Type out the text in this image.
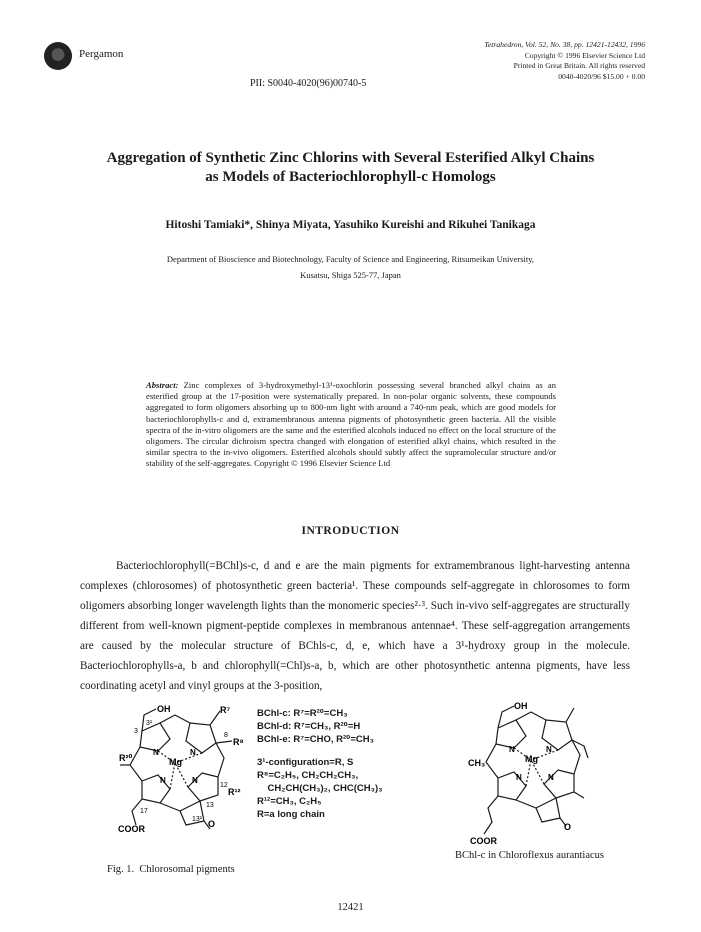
Pergamon
Tetrahedron, Vol. 52, No. 38, pp. 12421-12432, 1996
Copyright © 1996 Elsevier Science Ltd
Printed in Great Britain. All rights reserved
0040-4020/96 $15.00 + 0.00
PII: S0040-4020(96)00740-5
Aggregation of Synthetic Zinc Chlorins with Several Esterified Alkyl Chains
as Models of Bacteriochlorophyll-c Homologs
Hitoshi Tamiaki*, Shinya Miyata, Yasuhiko Kureishi and Rikuhei Tanikaga
Department of Bioscience and Biotechnology, Faculty of Science and Engineering, Ritsumeikan University,
Kusatsu, Shiga 525-77, Japan
Abstract: Zinc complexes of 3-hydroxymethyl-13¹-oxochlorin possessing several branched alkyl chains as an esterified group at the 17-position were systematically prepared. In non-polar organic solvents, these compounds aggregated to form oligomers absorbing up to 800-nm light with around a 740-nm peak, which are good models for bacteriochlorophylls-c and d, extramembranous antenna pigments of photosynthetic green bacteria. All the visible spectra of the in-vitro oligomers are the same and the esterified alcohols induced no effect on the local structure of the oligomers. The circular dichroism spectra changed with elongation of esterified alkyl chains, which resulted in the similar spectra to the in-vivo oligomers. Esterified alcohols should subtly affect the supramolecular structure and/or stability of the self-aggregates. Copyright © 1996 Elsevier Science Ltd
INTRODUCTION
Bacteriochlorophyll(=BChl)s-c, d and e are the main pigments for extramembranous light-harvesting antenna complexes (chlorosomes) of photosynthetic green bacteria¹. These compounds self-aggregate in chlorosomes to form oligomers absorbing longer wavelength lights than the monomeric species²·³. Such in-vivo self-aggregates are structurally different from well-known pigment-peptide complexes in membranous antennae⁴. These self-aggregation arrangements are caused by the molecular structure of BChls-c, d, e, which have a 3¹-hydroxy group in the molecule. Bacteriochlorophylls-a, b and chlorophyll(=Chl)s-a, b, which are other photosynthetic antenna pigments, have less coordinating acetyl and vinyl groups at the 3-position,
OH
3¹
3
R⁷
8
R⁸
R²⁰
N	N
Mg
N
N
12
R¹²
13
17
13¹ O
COOR
BChl-c: R⁷=R²⁰=CH₃
BChl-d: R⁷=CH₃, R²⁰=H
BChl-e: R⁷=CHO, R²⁰=CH₃
3¹-configuration=R, S
R⁸=C₂H₅, CH₂CH₂CH₃,
CH₂CH(CH₃)₂, CHC(CH₃)₃
R¹²=CH₃, C₂H₅
R=a long chain
OH
CH₃
N	N
Mg
N
N
O
COOR
Fig. 1.  Chlorosomal pigments
BChl-c in Chloroflexus aurantiacus
12421
